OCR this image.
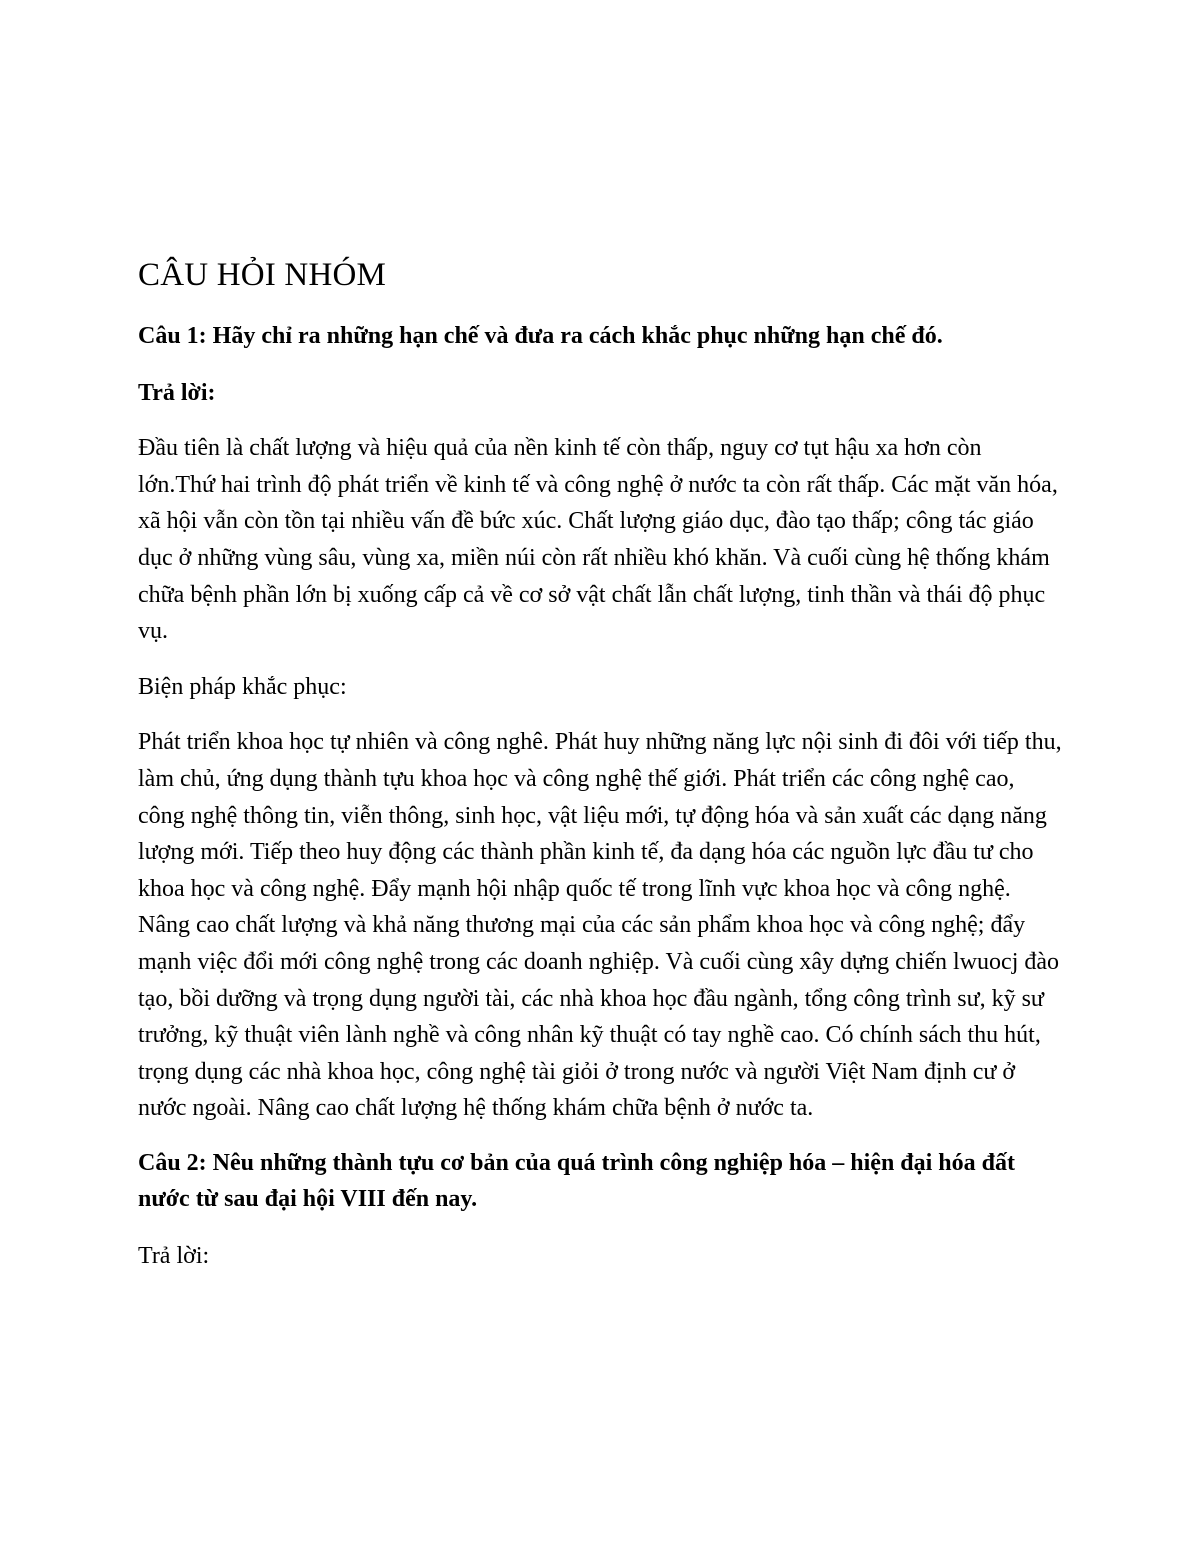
CÂU HỎI NHÓM

Câu 1: Hãy chỉ ra những hạn chế và đưa ra cách khắc phục những hạn chế đó.

Trả lời:

Đầu tiên là chất lượng và hiệu quả của nền kinh tế còn thấp, nguy cơ tụt hậu xa hơn còn lớn.Thứ hai trình độ phát triển về kinh tế và công nghệ ở nước ta còn rất thấp. Các mặt văn hóa, xã hội vẫn còn tồn tại nhiều vấn đề bức xúc. Chất lượng giáo dục, đào tạo thấp; công tác giáo dục ở những vùng sâu, vùng xa, miền núi còn rất nhiều khó khăn. Và cuối cùng hệ thống khám chữa bệnh phần lớn bị xuống cấp cả về cơ sở vật chất lẫn chất lượng, tinh thần và thái độ phục vụ.

Biện pháp khắc phục:

Phát triển khoa học tự nhiên và công nghê. Phát huy những năng lực nội sinh đi đôi với tiếp thu, làm chủ, ứng dụng thành tựu khoa học và công nghệ thế giới. Phát triển các công nghệ cao, công nghệ thông tin, viễn thông, sinh học, vật liệu mới, tự động hóa và sản xuất các dạng năng lượng mới. Tiếp theo huy động các thành phần kinh tế, đa dạng hóa các nguồn lực đầu tư cho khoa học và công nghệ. Đẩy mạnh hội nhập quốc tế trong lĩnh vực khoa học và công nghệ. Nâng cao chất lượng và khả năng thương mại của các sản phẩm khoa học và công nghệ; đẩy mạnh việc đổi mới công nghệ trong các doanh nghiệp. Và cuối cùng xây dựng chiến lwuocj đào tạo, bồi dưỡng và trọng dụng người tài, các nhà khoa học đầu ngành, tổng công trình sư, kỹ sư trưởng, kỹ thuật viên lành nghề và công nhân kỹ thuật có tay nghề cao. Có chính sách thu hút, trọng dụng các nhà khoa học, công nghệ tài giỏi ở trong nước và người Việt Nam định cư ở nước ngoài. Nâng cao chất lượng hệ thống khám chữa bệnh ở nước ta.

Câu 2: Nêu những thành tựu cơ bản của quá trình công nghiệp hóa – hiện đại hóa đất nước từ sau đại hội VIII đến nay.

Trả lời:
